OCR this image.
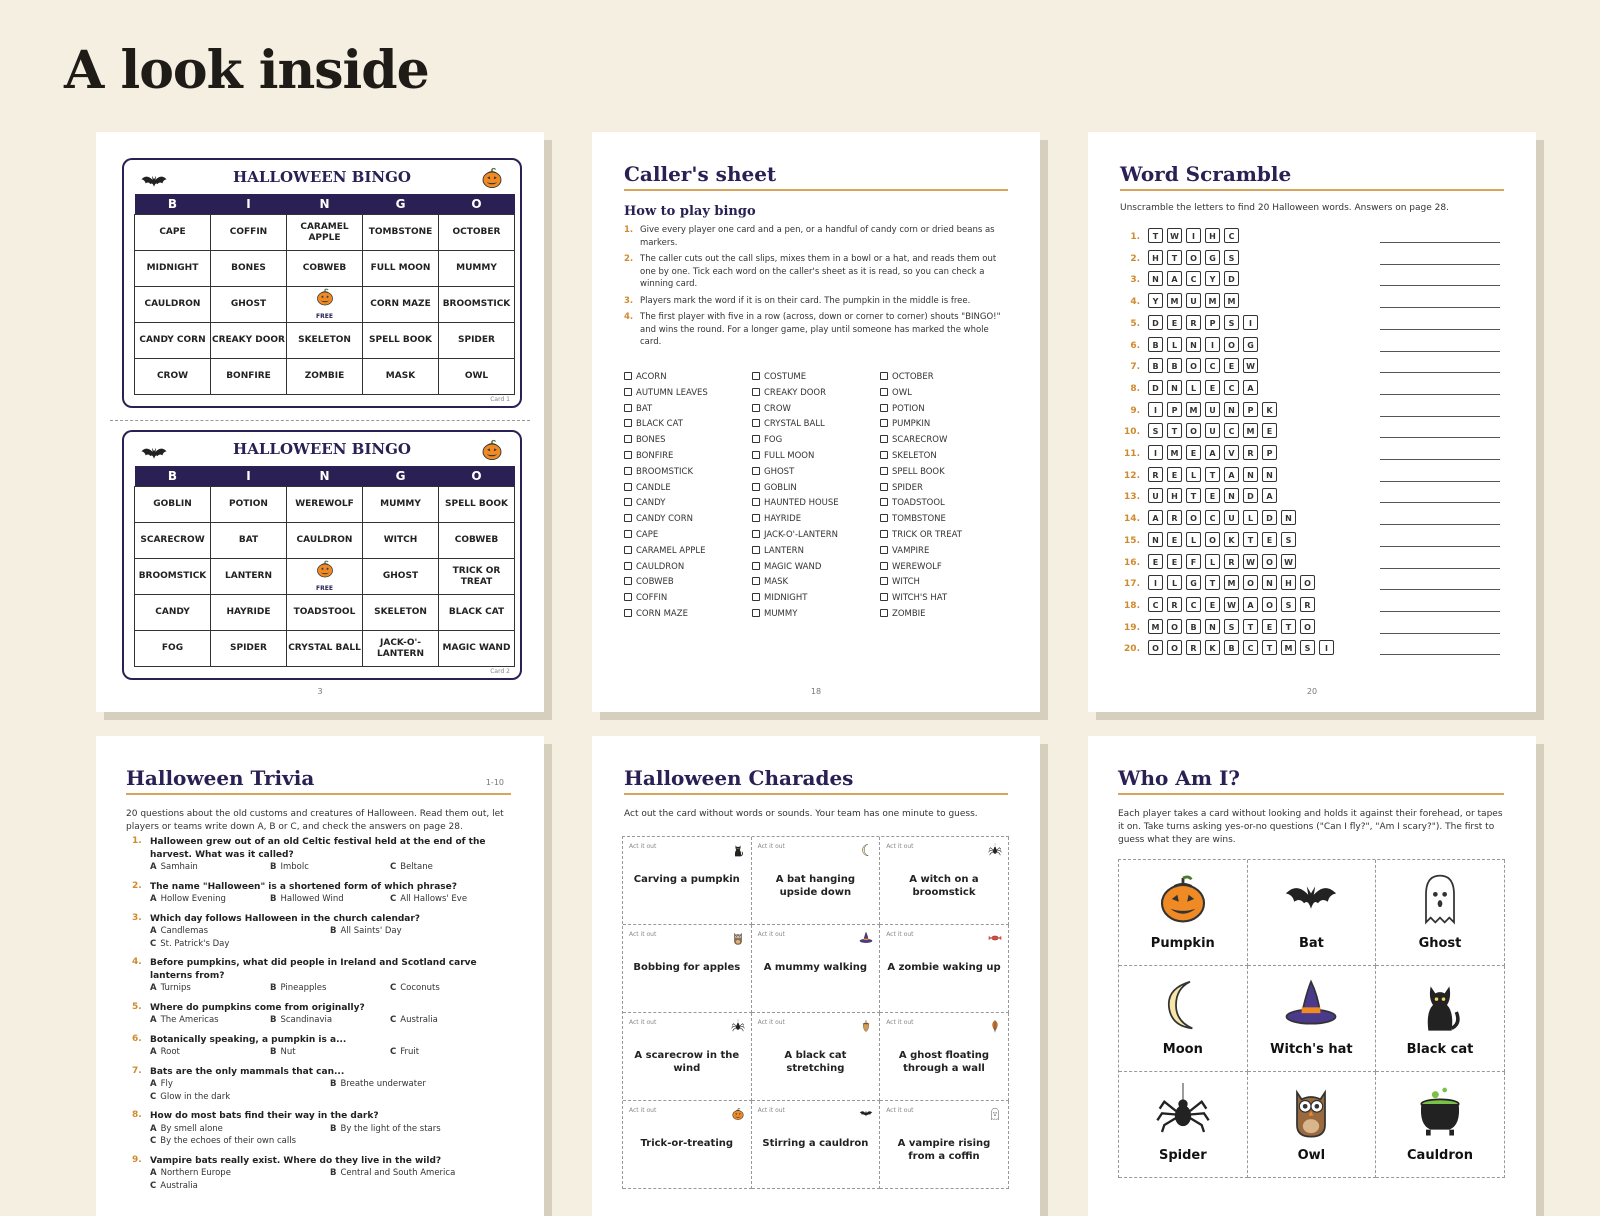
A look inside
HALLOWEEN BINGO
B	I	N	G	O
CAPE	COFFIN	CARAMEL APPLE	TOMBSTONE	OCTOBER
MIDNIGHT	BONES	COBWEB	FULL MOON	MUMMY
CAULDRON	GHOST	FREE	CORN MAZE	BROOMSTICK
CANDY CORN	CREAKY DOOR	SKELETON	SPELL BOOK	SPIDER
CROW	BONFIRE	ZOMBIE	MASK	OWL
Card 1
HALLOWEEN BINGO
B	I	N	G	O
GOBLIN	POTION	WEREWOLF	MUMMY	SPELL BOOK
SCARECROW	BAT	CAULDRON	WITCH	COBWEB
BROOMSTICK	LANTERN	FREE	GHOST	TRICK OR TREAT
CANDY	HAYRIDE	TOADSTOOL	SKELETON	BLACK CAT
FOG	SPIDER	CRYSTAL BALL	JACK-O'-LANTERN	MAGIC WAND
Card 2
3
Caller's sheet
How to play bingo
1. Give every player one card and a pen, or a handful of candy corn or dried beans as markers.
2. The caller cuts out the call slips, mixes them in a bowl or a hat, and reads them out one by one. Tick each word on the caller's sheet as it is read, so you can check a winning card.
3. Players mark the word if it is on their card. The pumpkin in the middle is free.
4. The first player with five in a row (across, down or corner to corner) shouts "BINGO!" and wins the round. For a longer game, play until someone has marked the whole card.
ACORN
AUTUMN LEAVES
BAT
BLACK CAT
BONES
BONFIRE
BROOMSTICK
CANDLE
CANDY
CANDY CORN
CAPE
CARAMEL APPLE
CAULDRON
COBWEB
COFFIN
CORN MAZE
COSTUME
CREAKY DOOR
CROW
CRYSTAL BALL
FOG
FULL MOON
GHOST
GOBLIN
HAUNTED HOUSE
HAYRIDE
JACK-O'-LANTERN
LANTERN
MAGIC WAND
MASK
MIDNIGHT
MUMMY
OCTOBER
OWL
POTION
PUMPKIN
SCARECROW
SKELETON
SPELL BOOK
SPIDER
TOADSTOOL
TOMBSTONE
TRICK OR TREAT
VAMPIRE
WEREWOLF
WITCH
WITCH'S HAT
ZOMBIE
18
Word Scramble
Unscramble the letters to find 20 Halloween words. Answers on page 28.
1.	T W I H C
2.	H T O G S
3.	N A C Y D
4.	Y M U M M
5.	D E R P S I
6.	B L N I O G
7.	B B O C E W
8.	D N L E C A
9.	I P M U N P K
10.	S T O U C M E
11.	I M E A V R P
12.	R E L T A N N
13.	U H T E N D A
14.	A R O C U L D N
15.	N E L O K T E S
16.	E E F L R W O W
17.	I L G T M O N H O
18.	C R C E W A O S R
19.	M O B N S T E T O
20.	O O R K B C T M S I
20
Halloween Trivia	1-10
20 questions about the old customs and creatures of Halloween. Read them out, let players or teams write down A, B or C, and check the answers on page 28.
1. Halloween grew out of an old Celtic festival held at the end of the harvest. What was it called?
A Samhain	B Imbolc	C Beltane
2. The name "Halloween" is a shortened form of which phrase?
A Hollow Evening	B Hallowed Wind	C All Hallows' Eve
3. Which day follows Halloween in the church calendar?
A Candlemas	B All Saints' Day
C St. Patrick's Day
4. Before pumpkins, what did people in Ireland and Scotland carve lanterns from?
A Turnips	B Pineapples	C Coconuts
5. Where do pumpkins come from originally?
A The Americas	B Scandinavia	C Australia
6. Botanically speaking, a pumpkin is a...
A Root	B Nut	C Fruit
7. Bats are the only mammals that can...
A Fly	B Breathe underwater
C Glow in the dark
8. How do most bats find their way in the dark?
A By smell alone	B By the light of the stars
C By the echoes of their own calls
9. Vampire bats really exist. Where do they live in the wild?
A Northern Europe	B Central and South America
C Australia
Halloween Charades
Act out the card without words or sounds. Your team has one minute to guess.
Act it out
Carving a pumpkin
Act it out
A bat hanging upside down
Act it out
A witch on a broomstick
Act it out
Bobbing for apples
Act it out
A mummy walking
Act it out
A zombie waking up
Act it out
A scarecrow in the wind
Act it out
A black cat stretching
Act it out
A ghost floating through a wall
Act it out
Trick-or-treating
Act it out
Stirring a cauldron
Act it out
A vampire rising from a coffin
Who Am I?
Each player takes a card without looking and holds it against their forehead, or tapes it on. Take turns asking yes-or-no questions ("Can I fly?", "Am I scary?"). The first to guess what they are wins.
Pumpkin	Bat	Ghost
Moon	Witch's hat	Black cat
Spider	Owl	Cauldron
